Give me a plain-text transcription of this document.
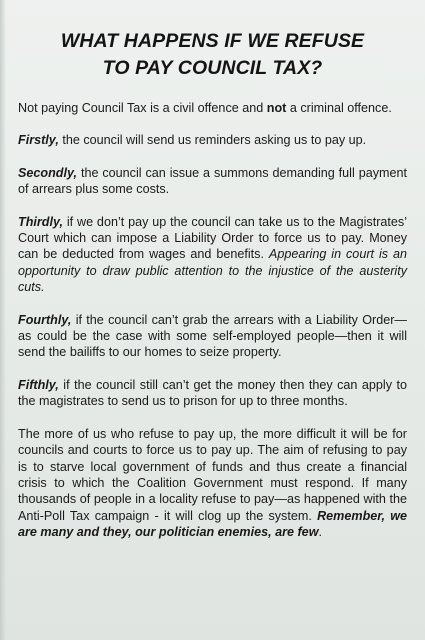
WHAT HAPPENS IF WE REFUSE
TO PAY COUNCIL TAX?

Not paying Council Tax is a civil offence and not a criminal offence.

Firstly, the council will send us reminders asking us to pay up.

Secondly, the council can issue a summons demanding full payment of arrears plus some costs.

Thirdly, if we don’t pay up the council can take us to the Magistrates’ Court which can impose a Liability Order to force us to pay. Money can be deducted from wages and benefits. Appearing in court is an opportunity to draw public attention to the injustice of the austerity cuts.

Fourthly, if the council can’t grab the arrears with a Liability Order—as could be the case with some self-employed people—then it will send the bailiffs to our homes to seize property.

Fifthly, if the council still can’t get the money then they can apply to the magistrates to send us to prison for up to three months.

The more of us who refuse to pay up, the more difficult it will be for councils and courts to force us to pay up. The aim of refusing to pay is to starve local government of funds and thus create a financial crisis to which the Coalition Government must respond. If many thousands of people in a locality refuse to pay—as happened with the Anti-Poll Tax campaign - it will clog up the system. Remember, we are many and they, our politician enemies, are few.
